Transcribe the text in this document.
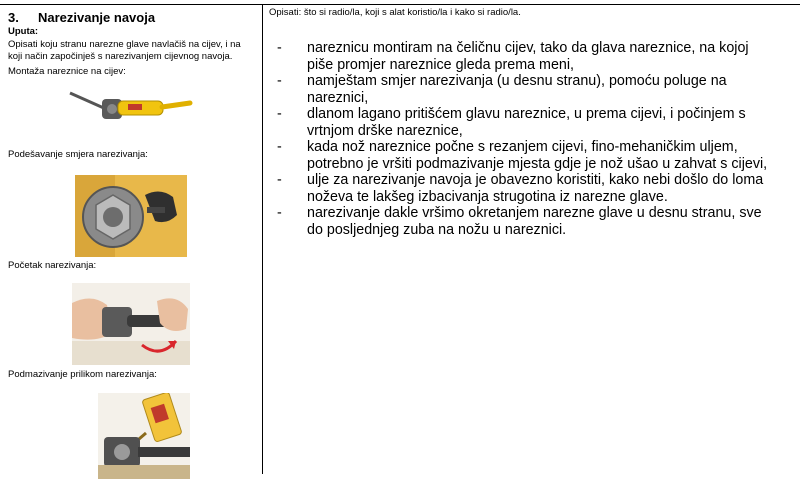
3. Narezivanje navoja
Uputa:
Opisati koju stranu narezne glave navlačiš na cijev, i na
koji način započinješ s narezivanjem cijevnog navoja.
Montaža nareznice na cijev:
Podešavanje smjera narezivanja:
Početak narezivanja:
Podmazivanje prilikom narezivanja:
Opisati: što si radio/la, koji s alat koristio/la i kako si radio/la.
- nareznicu montiram na čeličnu cijev, tako da glava nareznice, na kojoj
piše promjer nareznice gleda prema meni,
- namještam smjer narezivanja (u desnu stranu), pomoću poluge na
nareznici,
- dlanom lagano pritišćem glavu nareznice, u prema cijevi, i počinjem s
vrtnjom drške nareznice,
- kada nož nareznice počne s rezanjem cijevi, fino-mehaničkim uljem,
potrebno je vršiti podmazivanje mjesta gdje je nož ušao u zahvat s cijevi,
- ulje za narezivanje navoja je obavezno koristiti, kako nebi došlo do loma
noževa te lakšeg izbacivanja strugotina iz narezne glave.
- narezivanje dakle vršimo okretanjem narezne glave u desnu stranu, sve
do posljednjeg zuba na nožu u nareznici.
